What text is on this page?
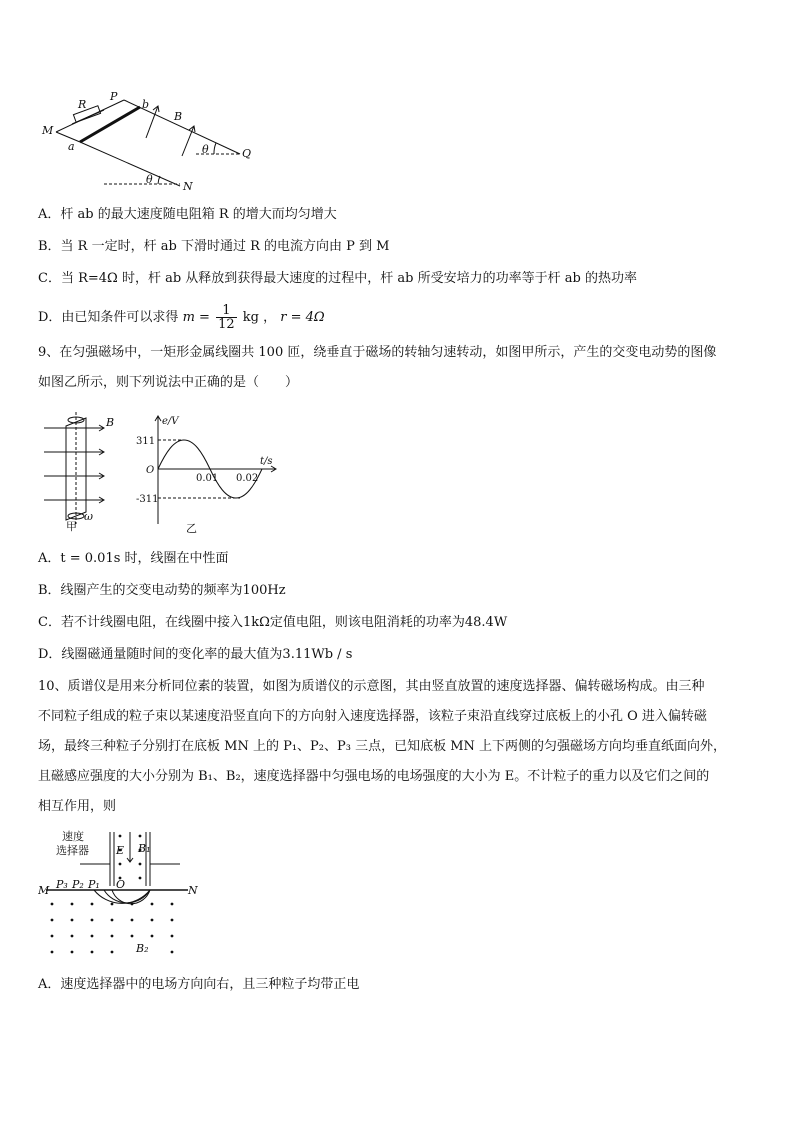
P
b
R
M
a
B
Q
N
θ
θ
A．杆 ab 的最大速度随电阻箱 R 的增大而均匀增大
B．当 R 一定时，杆 ab 下滑时通过 R 的电流方向由 P 到 M
C．当 R=4Ω 时，杆 ab 从释放到获得最大速度的过程中，杆 ab 所受安培力的功率等于杆 ab 的热功率
D．由已知条件可以求得 $m = \frac{1}{12}$ kg ， r = 4Ω
9、在匀强磁场中，一矩形金属线圈共 100 匝，绕垂直于磁场的转轴匀速转动，如图甲所示，产生的交变电动势的图像
如图乙所示，则下列说法中正确的是（　　）
B
ω
甲
e/V
311
-311
O
0.01 0.02
t/s
乙
A．t = 0.01s 时，线圈在中性面
B．线圈产生的交变电动势的频率为100Hz
C．若不计线圈电阻，在线圈中接入1kΩ定值电阻，则该电阻消耗的功率为48.4W
D．线圈磁通量随时间的变化率的最大值为3.11Wb / s
10、质谱仪是用来分析同位素的装置，如图为质谱仪的示意图，其由竖直放置的速度选择器、偏转磁场构成。由三种
不同粒子组成的粒子束以某速度沿竖直向下的方向射入速度选择器，该粒子束沿直线穿过底板上的小孔 O 进入偏转磁
场，最终三种粒子分别打在底板 MN 上的 P₁、P₂、P₃ 三点，已知底板 MN 上下两侧的匀强磁场方向均垂直纸面向外，
且磁感应强度的大小分别为 B₁、B₂，速度选择器中匀强电场的电场强度的大小为 E。不计粒子的重力以及它们之间的
相互作用，则
速度
选择器 E B₁
M	N
P₃ P₂ P₁ O
B₂
A．速度选择器中的电场方向向右，且三种粒子均带正电
